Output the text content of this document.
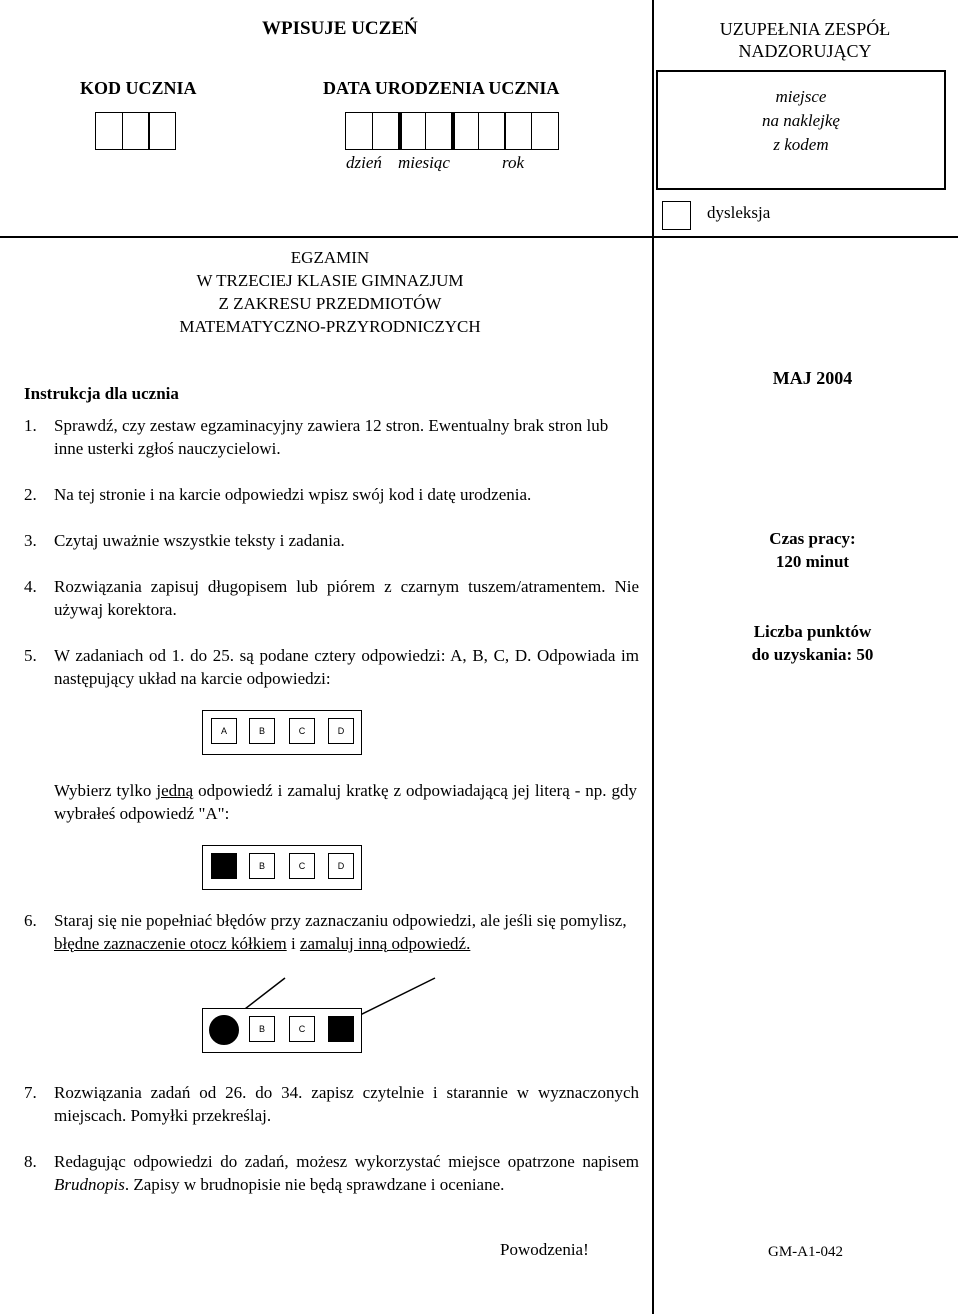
WPISUJE UCZEŃ
KOD UCZNIA	DATA URODZENIA UCZNIA
dzień miesiąc	rok
UZUPEŁNIA ZESPÓŁ
NADZORUJĄCY
miejsce
na naklejkę
z kodem
dysleksja
EGZAMIN
W TRZECIEJ KLASIE GIMNAZJUM
Z ZAKRESU PRZEDMIOTÓW
MATEMATYCZNO-PRZYRODNICZYCH
MAJ 2004
Czas pracy:
120 minut
Liczba punktów
do uzyskania: 50
Instrukcja dla ucznia
1. Sprawdź, czy zestaw egzaminacyjny zawiera 12 stron. Ewentualny brak stron lub inne usterki zgłoś nauczycielowi.
2. Na tej stronie i na karcie odpowiedzi wpisz swój kod i datę urodzenia.
3. Czytaj uważnie wszystkie teksty i zadania.
4. Rozwiązania zapisuj długopisem lub piórem z czarnym tuszem/atramentem. Nie używaj korektora.
5. W zadaniach od 1. do 25. są podane cztery odpowiedzi: A, B, C, D. Odpowiada im następujący układ na karcie odpowiedzi:
A	B	C	D
Wybierz tylko jedną odpowiedź i zamaluj kratkę z odpowiadającą jej literą - np. gdy wybrałeś odpowiedź "A":
B	C	D
6. Staraj się nie popełniać błędów przy zaznaczaniu odpowiedzi, ale jeśli się pomylisz,
błędne zaznaczenie otocz kółkiem i zamaluj inną odpowiedź.
B	C
7. Rozwiązania zadań od 26. do 34. zapisz czytelnie i starannie w wyznaczonych miejscach. Pomyłki przekreślaj.
8. Redagując odpowiedzi do zadań, możesz wykorzystać miejsce opatrzone napisem Brudnopis. Zapisy w brudnopisie nie będą sprawdzane i oceniane.
Powodzenia!	GM-A1-042
